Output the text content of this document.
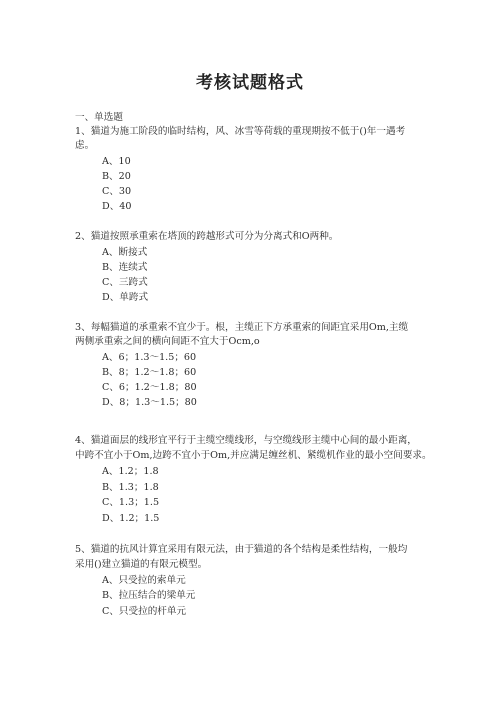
考核试题格式
一、单选题
1、猫道为施工阶段的临时结构，风、冰雪等荷载的重现期按不低于()年一遇考
虑。
A、10
B、20
C、30
D、40
2、猫道按照承重索在塔顶的跨越形式可分为分离式和O两种。
A、断接式
B、连续式
C、三跨式
D、单跨式
3、每幅猫道的承重索不宜少于。根，主缆正下方承重索的间距宜采用Om,主缆
两侧承重索之间的横向间距不宜大于Ocm,o
A、6；1.3～1.5；60
B、8；1.2～1.8；60
C、6；1.2～1.8；80
D、8；1.3～1.5；80
4、猫道面层的线形宜平行于主缆空缆线形，与空缆线形主缆中心间的最小距离，
中跨不宜小于Om,边跨不宜小于Om,并应满足缠丝机、紧缆机作业的最小空间要求。
A、1.2；1.8
B、1.3；1.8
C、1.3；1.5
D、1.2；1.5
5、猫道的抗风计算宜采用有限元法，由于猫道的各个结构是柔性结构，一般均
采用()建立猫道的有限元模型。
A、只受拉的索单元
B、拉压结合的梁单元
C、只受拉的杆单元
